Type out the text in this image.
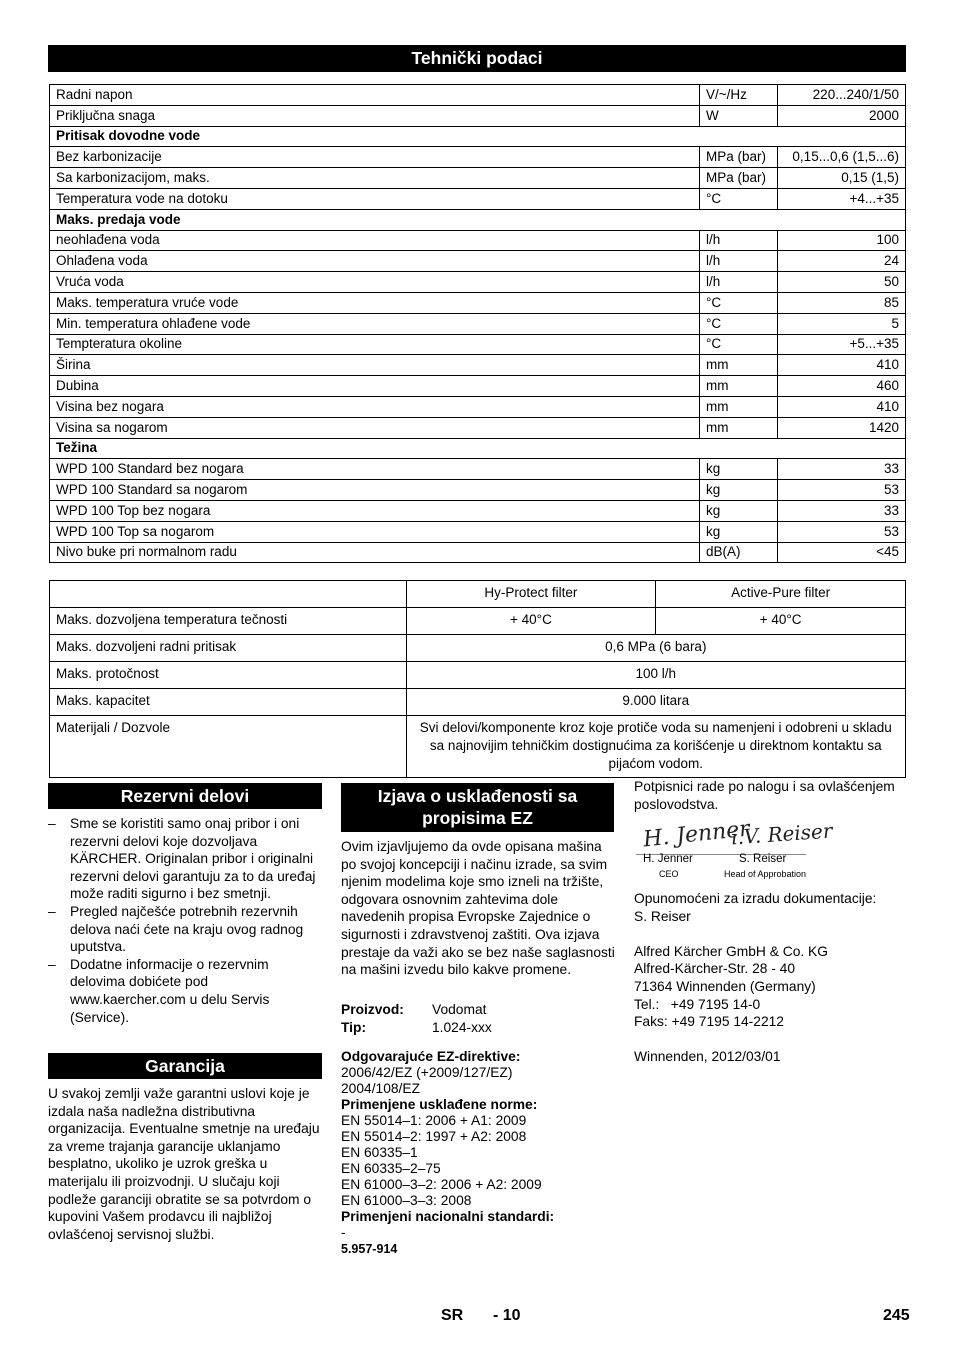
Tehnički podaci
Radni napon	V/~/Hz	220...240/1/50
Priključna snaga	W	2000
Pritisak dovodne vode		
Bez karbonizacije	MPa (bar)	0,15...0,6 (1,5...6)
Sa karbonizacijom, maks.	MPa (bar)	0,15 (1,5)
Temperatura vode na dotoku	°C	+4...+35
Maks. predaja vode		
neohlađena voda	l/h	100
Ohlađena voda	l/h	24
Vruća voda	l/h	50
Maks. temperatura vruće vode	°C	85
Min. temperatura ohlađene vode	°C	5
Tempteratura okoline	°C	+5...+35
Širina	mm	410
Dubina	mm	460
Visina bez nogara	mm	410
Visina sa nogarom	mm	1420
Težina		
WPD 100 Standard bez nogara	kg	33
WPD 100 Standard sa nogarom	kg	53
WPD 100 Top bez nogara	kg	33
WPD 100 Top sa nogarom	kg	53
Nivo buke pri normalnom radu	dB(A)	<45
	Hy-Protect filter	Active-Pure filter
Maks. dozvoljena temperatura tečnosti	+ 40°C	+ 40°C
Maks. dozvoljeni radni pritisak	0,6 MPa (6 bara)	
Maks. protočnost	100 l/h	
Maks. kapacitet	9.000 litara	
Materijali / Dozvole	Svi delovi/komponente kroz koje protiče voda su namenjeni i odobreni u skladu sa najnovijim tehničkim dostignućima za korišćenje u direktnom kontaktu sa pijaćom vodom.	
Rezervni delovi
– Sme se koristiti samo onaj pribor i oni rezervni delovi koje dozvoljava KÄRCHER. Originalan pribor i originalni rezervni delovi garantuju za to da uređaj može raditi sigurno i bez smetnji.
– Pregled najčešće potrebnih rezervnih delova naći ćete na kraju ovog radnog uputstva.
– Dodatne informacije o rezervnim delovima dobićete pod www.kaercher.com u delu Servis (Service).
Garancija
U svakoj zemlji važe garantni uslovi koje je izdala naša nadležna distributivna organizacija. Eventualne smetnje na uređaju za vreme trajanja garancije uklanjamo besplatno, ukoliko je uzrok greška u materijalu ili proizvodnji. U slučaju koji podleže garanciji obratite se sa potvrdom o kupovini Vašem prodavcu ili najbližoj ovlašćenoj servisnoj službi.
Izjava o usklađenosti sa propisima EZ
Ovim izjavljujemo da ovde opisana mašina po svojoj koncepciji i načinu izrade, sa svim njenim modelima koje smo izneli na tržište, odgovara osnovnim zahtevima dole navedenih propisa Evropske Zajednice o sigurnosti i zdravstvenoj zaštiti. Ova izjava prestaje da važi ako se bez naše saglasnosti na mašini izvedu bilo kakve promene.
Proizvod: Vodomat
Tip:	1.024-xxx
Odgovarajuće EZ-direktive:
2006/42/EZ (+2009/127/EZ)
2004/108/EZ
Primenjene usklađene norme:
EN 55014–1: 2006 + A1: 2009
EN 55014–2: 1997 + A2: 2008
EN 60335–1
EN 60335–2–75
EN 61000–3–2: 2006 + A2: 2009
EN 61000–3–3: 2008
Primenjeni nacionalni standardi:
-
5.957-914
Potpisnici rade po nalogu i sa ovlašćenjem poslovodstva.
H. Jenner
i.V. Reiser
H. Jenner
CEO
S. Reiser
Head of Approbation
Opunomoćeni za izradu dokumentacije:
S. Reiser
Alfred Kärcher GmbH & Co. KG
Alfred-Kärcher-Str. 28 - 40
71364 Winnenden (Germany)
Tel.:   +49 7195 14-0
Faks: +49 7195 14-2212
Winnenden, 2012/03/01
SR - 10	245
